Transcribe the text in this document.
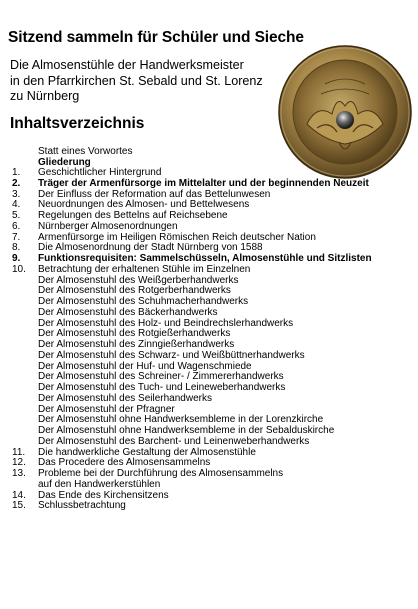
Sitzend sammeln für Schüler und Sieche
Die Almosenstühle der Handwerksmeister
in den Pfarrkirchen St. Sebald und St. Lorenz
zu Nürnberg
Inhaltsverzeichnis
Statt eines Vorwortes
Gliederung
1. Geschichtlicher Hintergrund
2. Träger der Armenfürsorge im Mittelalter und der beginnenden Neuzeit
3. Der Einfluss der Reformation auf das Bettelunwesen
4. Neuordnungen des Almosen- und Bettelwesens
5. Regelungen des Bettelns auf Reichsebene
6. Nürnberger Almosenordnungen
7. Armenfürsorge im Heiligen Römischen Reich deutscher Nation
8. Die Almosenordnung der Stadt Nürnberg von 1588
9. Funktionsrequisiten: Sammelschüsseln, Almosenstühle und Sitzlisten
10. Betrachtung der erhaltenen Stühle im Einzelnen
Der Almosenstuhl des Weißgerberhandwerks
Der Almosenstuhl des Rotgerberhandwerks
Der Almosenstuhl des Schuhmacherhandwerks
Der Almosenstuhl des Bäckerhandwerks
Der Almosenstuhl des Holz- und Beindrechslerhandwerks
Der Almosenstuhl des Rotgießerhandwerks
Der Almosenstuhl des Zinngießerhandwerks
Der Almosenstuhl des Schwarz- und Weißbüttnerhandwerks
Der Almosenstuhl der Huf- und Wagenschmiede
Der Almosenstuhl des Schreiner- / Zimmererhandwerks
Der Almosenstuhl des Tuch- und Leineweberhandwerks
Der Almosenstuhl des Seilerhandwerks
Der Almosenstuhl der Pfragner
Der Almosenstuhl ohne Handwerksembleme in der Lorenzkirche
Der Almosenstuhl ohne Handwerksembleme in der Sebalduskirche
Der Almosenstuhl des Barchent- und Leinenweberhandwerks
11. Die handwerkliche Gestaltung der Almosenstühle
12. Das Procedere des Almosensammelns
13. Probleme bei der Durchführung des Almosensammelns
auf den Handwerkerstühlen
14. Das Ende des Kirchensitzens
15. Schlussbetrachtung
